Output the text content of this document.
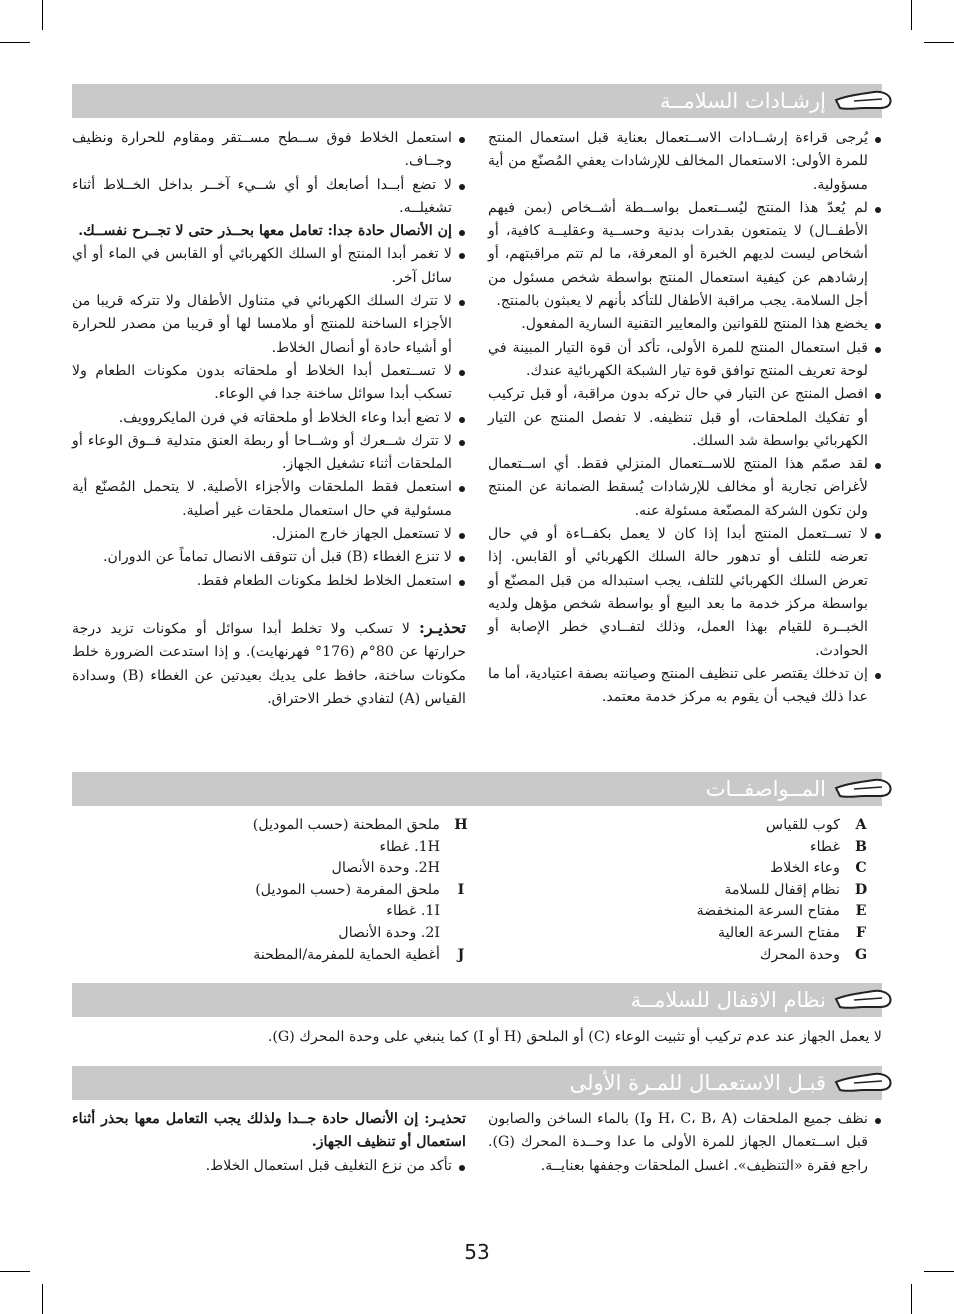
إرشـادات السلامــة
يُرجى قراءة إرشــادات الاســتعمال بعناية قبل استعمال المنتج للمرة الأولى: الاستعمال المخالف للإرشادات يعفي المُصنّع من أية مسؤولية.
لم يُعدّ هذا المنتج ليُســتعمل بواســطة أشــخاص (بمن فيهم الأطفــال) لا يتمتعون بقدرات بدنية وحســية وعقليــة كافية، أو أشخاص ليست لديهم الخبرة أو المعرفة، ما لم تتم مراقبتهم، أو إرشادهم عن كيفية استعمال المنتج بواسطة شخص مسئول من أجل السلامة. يجب مراقبة الأطفال للتأكد بأنهم لا يعبثون بالمنتج.
يخضع هذا المنتج للقوانين والمعايير التقنية السارية المفعول.
قبل استعمال المنتج للمرة الأولى، تأكد أن قوة التيار المبينة في لوحة تعريف المنتج توافق قوة تيار الشبكة الكهربائية عندك.
افصل المنتج عن التيار في حال تركه بدون مراقبة، أو قبل تركيب أو تفكيك الملحقات، أو قبل تنظيفه. لا تفصل المنتج عن التيار الكهربائي بواسطة شد السلك.
لقد صمّم هذا المنتج للاســتعمال المنزلي فقط. أي اســتعمال لأغراض تجارية أو مخالف للإرشادات يُسقط الضمانة عن المنتج ولن تكون الشركة المصنّعة مسئولة عنه.
لا تســتعمل المنتج أبدا إذا كان لا يعمل بكفــاءة أو في حال تعرضه للتلف أو تدهور حالة السلك الكهربائي أو القابس. إذا تعرض السلك الكهربائي للتلف، يجب استبداله من قبل المصنّع أو بواسطة مركز خدمة ما بعد البيع أو بواسطة شخص مؤهل ولديه الخبــرة للقيام بهذا العمل، وذلك لتفــادي خطر الإصابة أو الحوادث.
إن تدخلك يقتصر على تنظيف المنتج وصيانته بصفة اعتيادية، أما ما عدا ذلك فيجب أن يقوم به مركز خدمة معتمد.
استعمل الخلاط فوق ســطح مســتقر ومقاوم للحرارة ونظيف وجــاف.
لا تضع أبــدا أصابعك أو أي شــيء آخــر بداخل الخــلاط أثناء تشغيلــه.
إن الأنصال حادة جدا: تعامل معها بحــذر حتى لا تجــرح نفســك.
لا تغمر أبدا المنتج أو السلك الكهربائي أو القابس في الماء أو أي سائل آخر.
لا تترك السلك الكهربائي في متناول الأطفال ولا تتركه قريبا من الأجزاء الساخنة للمنتج أو ملامسا لها أو قريبا من مصدر للحرارة أو أشياء حادة أو أنصال الخلاط.
لا تســتعمل أبدا الخلاط أو ملحقاته بدون مكونات الطعام ولا تسكب أبدا سوائل ساخنة جدا في الوعاء.
لا تضع أبدا وعاء الخلاط أو ملحقاته في فرن المايكروويف.
لا تترك شــعرك أو وشــاحا أو ربطة العنق متدلية فــوق الوعاء أو الملحقات أثناء تشغيل الجهاز.
استعمل فقط الملحقات والأجزاء الأصلية. لا يتحمل المُصنّع أية مسئولية في حال استعمال ملحقات غير أصلية.
لا تستعمل الجهاز خارج المنزل.
لا تنزع الغطاء (B) قبل أن تتوقف الانصال تماماً عن الدوران.
استعمل الخلاط لخلط مكونات الطعام فقط.
تحذيـر: لا تسكب ولا تخلط أبدا سوائل أو مكونات تزيد درجة حرارتها عن 80°م (176° فهرنهايت). و إذا استدعت الضرورة خلط مكونات ساخنة، حافظ على يديك بعيدتين عن الغطاء (B) وسدادة القياس (A) لتفادي خطر الاحتراق.
المــواصفــات
A
كوب للقياس
B
غطاء
C
وعاء الخلاط
D
نظام إقفال للسلامة
E
مفتاح السرعة المنخفضة
F
مفتاح السرعة العالية
G
وحدة المحرك
H
ملحق المطحنة (حسب الموديل)
1H. غطاء
2H. وحدة الأنصال
I
ملحق المفرمة (حسب الموديل)
1I. غطاء
2I. وحدة الأنصال
J
أغطية الحماية للمفرمة/المطحنة
نظام الاقفال للسلامــة
لا يعمل الجهاز عند عدم تركيب أو تثبيت الوعاء (C) أو الملحق (H أو I) كما ينبغي على وحدة المحرك (G).
قبـل الاستعمـال للمـرة الأولى
نظف جميع الملحقات (H، C، B، A وI) بالماء الساخن والصابون قبل اســتعمال الجهاز للمرة الأولى ما عدا وحــدة المحرك (G). راجع فقرة «التنظيف». اغسل الملحقات وجففها بعنايــة.
تحذيـر: إن الأنصال حادة جــدا ولذلك يجب التعامل معها بحذر أثناء استعمال أو تنظيف الجهاز.
تأكد من نزع التغليف قبل استعمال الخلاط.
53
